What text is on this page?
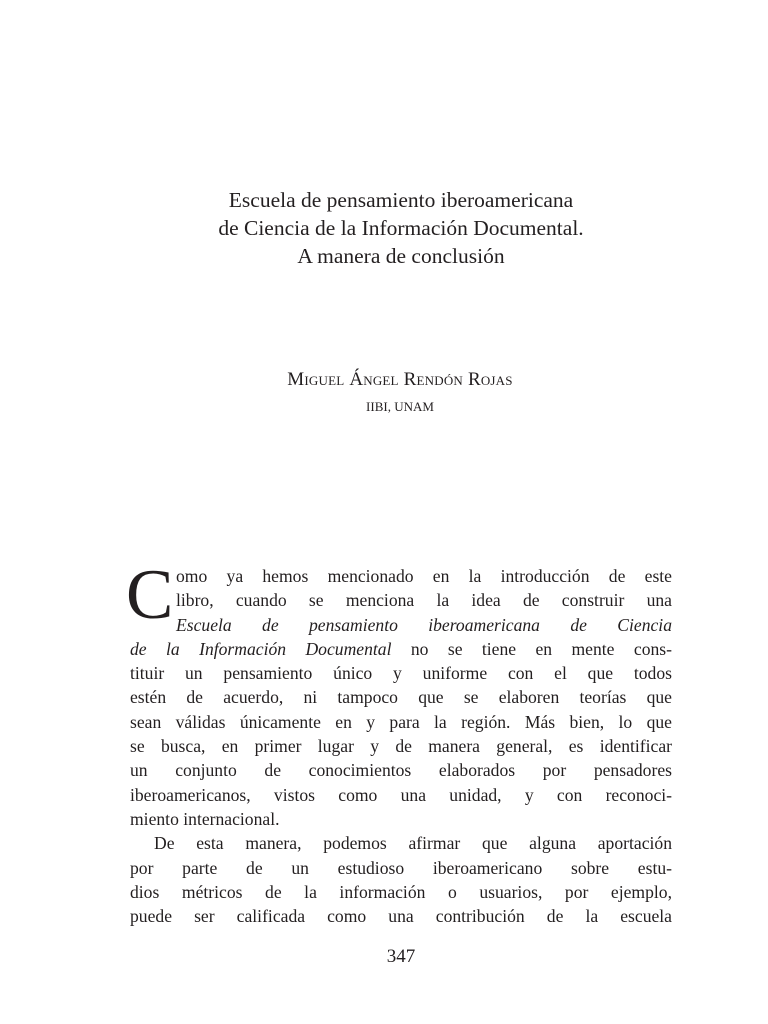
Escuela de pensamiento iberoamericana
de Ciencia de la Información Documental.
A manera de conclusión
Miguel Ángel Rendón Rojas
IIBI, UNAM
C omo ya hemos mencionado en la introducción de este
libro, cuando se menciona la idea de construir una
Escuela de pensamiento iberoamericana de Ciencia
de la Información Documental no se tiene en mente cons-
tituir un pensamiento único y uniforme con el que todos
estén de acuerdo, ni tampoco que se elaboren teorías que
sean válidas únicamente en y para la región. Más bien, lo que
se busca, en primer lugar y de manera general, es identificar
un conjunto de conocimientos elaborados por pensadores
iberoamericanos, vistos como una unidad, y con reconoci-
miento internacional.
De esta manera, podemos afirmar que alguna aportación
por parte de un estudioso iberoamericano sobre estu-
dios métricos de la información o usuarios, por ejemplo,
puede ser calificada como una contribución de la escuela
347
